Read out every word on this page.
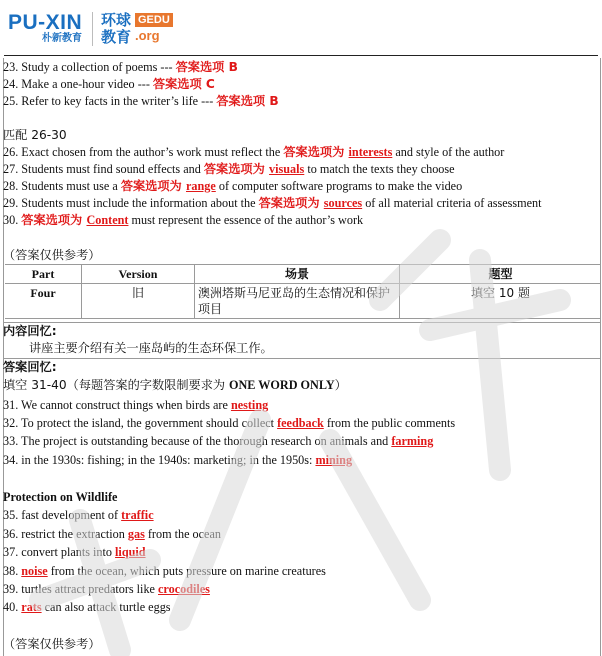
PU-XIN
朴新教育
环球
教育
GEDU
.org
23. Study a collection of poems --- 答案选项 B
24. Make a one-hour video --- 答案选项 C
25. Refer to key facts in the writer’s life --- 答案选项 B
匹配 26-30
26. Exact chosen from the author’s work must reflect the 答案选项为 interests and style of the author
27. Students must find sound effects and 答案选项为 visuals to match the texts they choose
28. Students must use a 答案选项为 range of computer software programs to make the video
29. Students must include the information about the 答案选项为 sources of all material criteria of assessment
30. 答案选项为 Content must represent the essence of the author’s work
（答案仅供参考）
Part	Version	场景	题型
Four	旧	澳洲塔斯马尼亚岛的生态情况和保护项目	填空 10 题
内容回忆:
讲座主要介绍有关一座岛屿的生态环保工作。
答案回忆:
填空 31-40（每题答案的字数限制要求为 ONE WORD ONLY）
31. We cannot construct things when birds are nesting
32. To protect the island, the government should collect feedback from the public comments
33. The project is outstanding because of the thorough research on animals and farming
34. in the 1930s: fishing; in the 1940s: marketing; in the 1950s: mining
Protection on Wildlife
35. fast development of traffic
36. restrict the extraction gas from the ocean
37. convert plants into liquid
38. noise from the ocean, which puts pressure on marine creatures
39. turtles attract predators like crocodiles
40. rats can also attack turtle eggs
（答案仅供参考）
